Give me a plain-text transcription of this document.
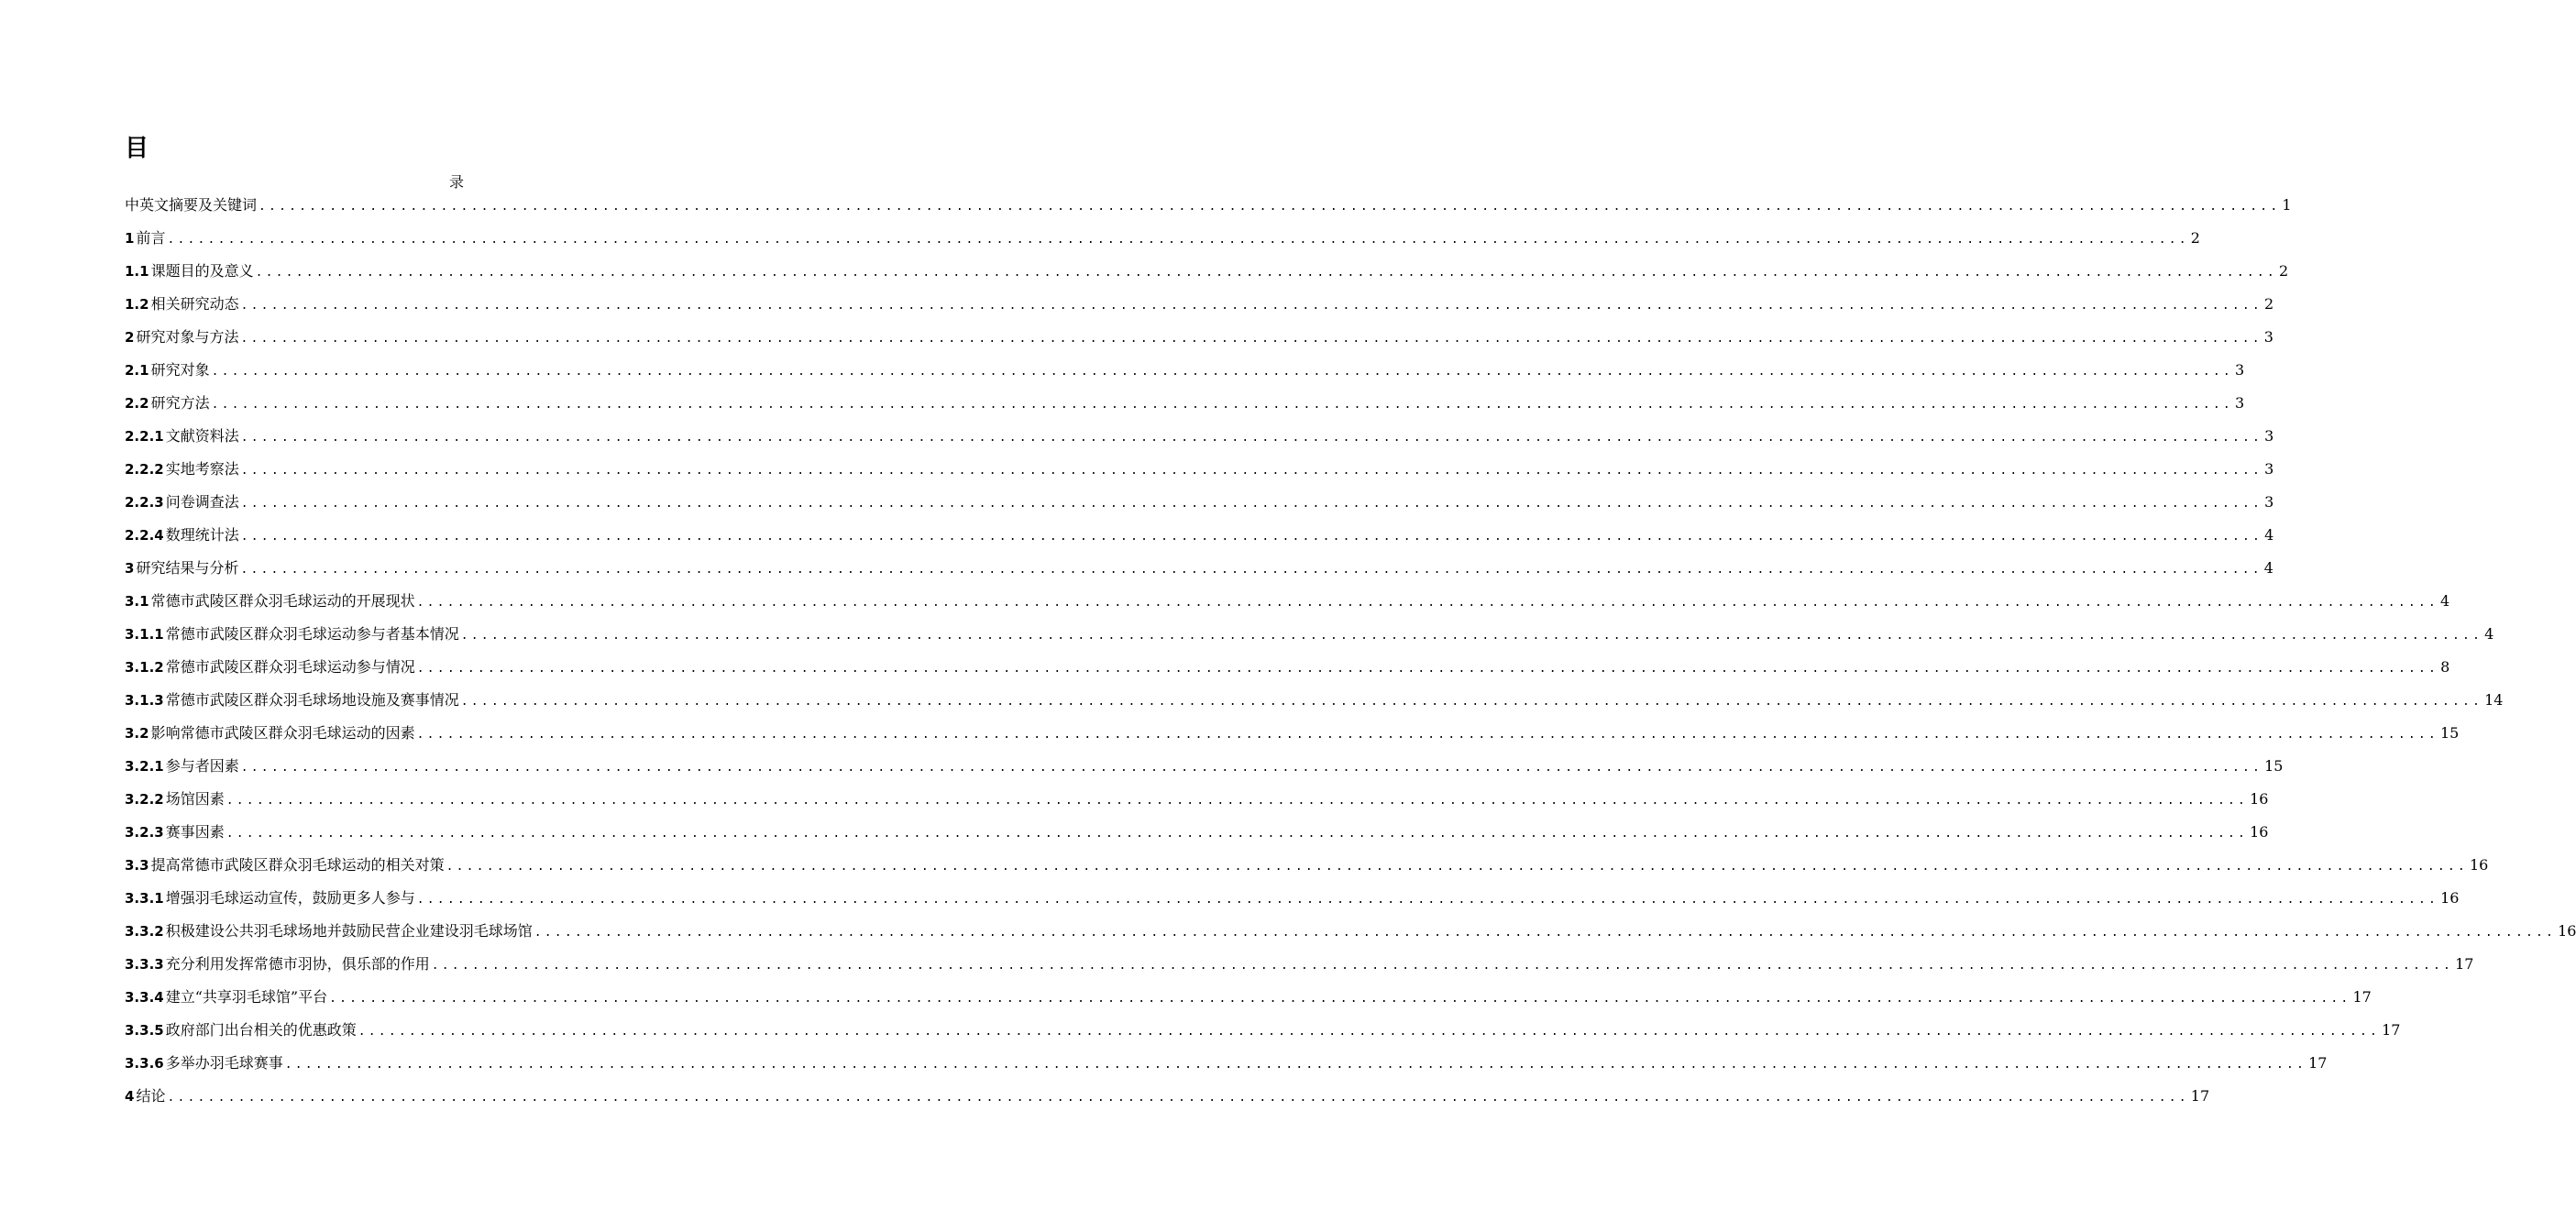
目
录
中英文摘要及关键词 ........................................................................................................................................................................................................ 1
1 前言 ........................................................................................................................................................................................................ 2
1.1 课题目的及意义 ........................................................................................................................................................................................................ 2
1.2 相关研究动态 ........................................................................................................................................................................................................ 2
2 研究对象与方法 ........................................................................................................................................................................................................ 3
2.1 研究对象 ........................................................................................................................................................................................................ 3
2.2 研究方法 ........................................................................................................................................................................................................ 3
2.2.1 文献资料法 ........................................................................................................................................................................................................ 3
2.2.2 实地考察法 ........................................................................................................................................................................................................ 3
2.2.3 问卷调查法 ........................................................................................................................................................................................................ 3
2.2.4 数理统计法 ........................................................................................................................................................................................................ 4
3 研究结果与分析 ........................................................................................................................................................................................................ 4
3.1 常德市武陵区群众羽毛球运动的开展现状 ........................................................................................................................................................................................................ 4
3.1.1 常德市武陵区群众羽毛球运动参与者基本情况 ........................................................................................................................................................................................................ 4
3.1.2 常德市武陵区群众羽毛球运动参与情况 ........................................................................................................................................................................................................ 8
3.1.3 常德市武陵区群众羽毛球场地设施及赛事情况 ........................................................................................................................................................................................................ 14
3.2 影响常德市武陵区群众羽毛球运动的因素 ........................................................................................................................................................................................................ 15
3.2.1 参与者因素 ........................................................................................................................................................................................................ 15
3.2.2 场馆因素 ........................................................................................................................................................................................................ 16
3.2.3 赛事因素 ........................................................................................................................................................................................................ 16
3.3 提高常德市武陵区群众羽毛球运动的相关对策 ........................................................................................................................................................................................................ 16
3.3.1 增强羽毛球运动宣传，鼓励更多人参与 ........................................................................................................................................................................................................ 16
3.3.2 积极建设公共羽毛球场地并鼓励民营企业建设羽毛球场馆 ........................................................................................................................................................................................................ 16
3.3.3 充分利用发挥常德市羽协，俱乐部的作用 ........................................................................................................................................................................................................ 17
3.3.4 建立“共享羽毛球馆”平台 ........................................................................................................................................................................................................ 17
3.3.5 政府部门出台相关的优惠政策 ........................................................................................................................................................................................................ 17
3.3.6 多举办羽毛球赛事 ........................................................................................................................................................................................................ 17
4 结论 ........................................................................................................................................................................................................ 17
